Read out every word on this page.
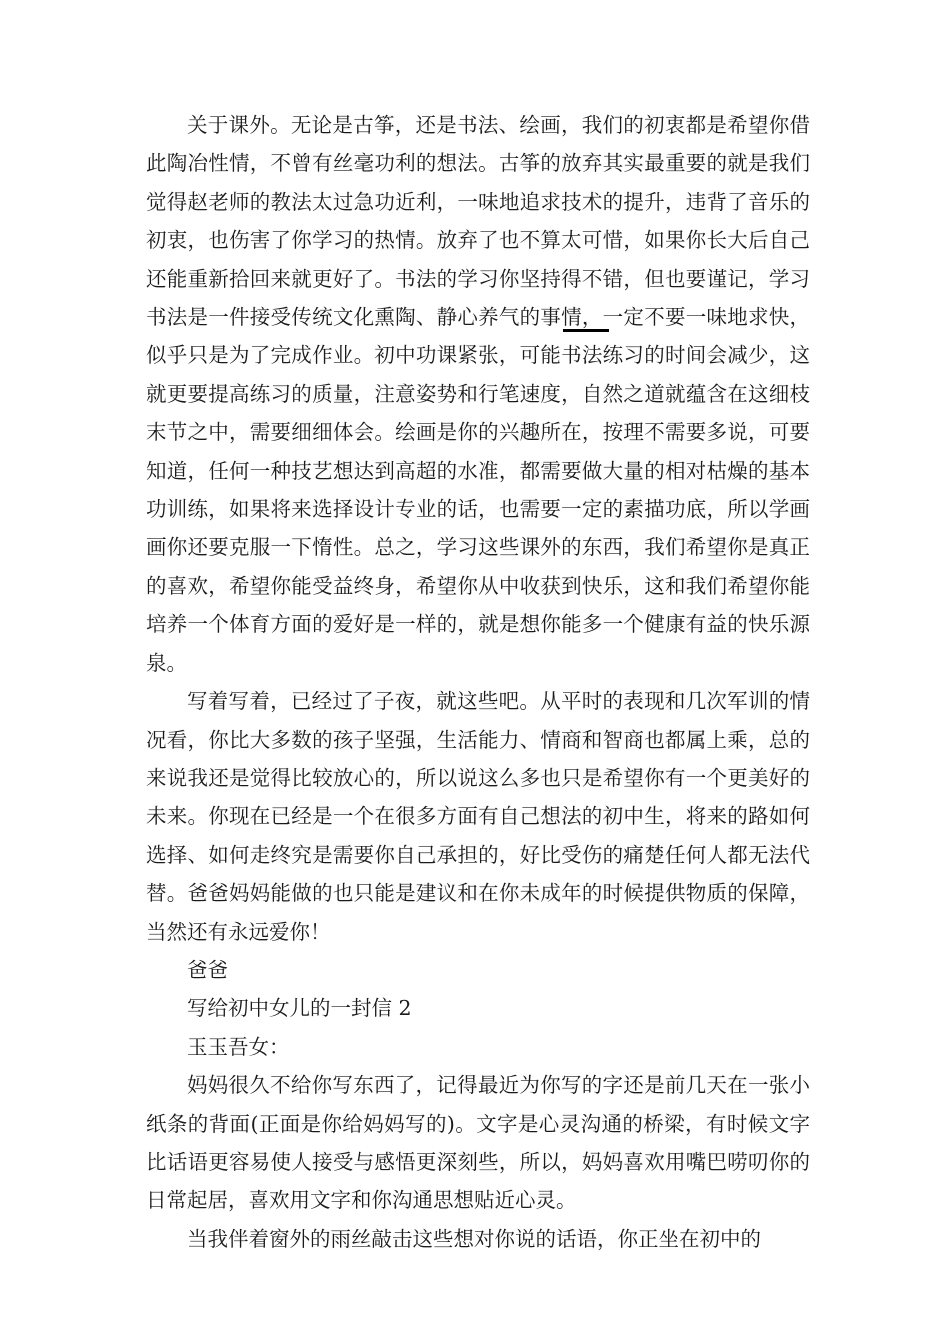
关于课外。无论是古筝，还是书法、绘画，我们的初衷都是希望你借此陶冶性情，不曾有丝毫功利的想法。古筝的放弃其实最重要的就是我们觉得赵老师的教法太过急功近利，一味地追求技术的提升，违背了音乐的初衷，也伤害了你学习的热情。放弃了也不算太可惜，如果你长大后自己还能重新拾回来就更好了。书法的学习你坚持得不错，但也要谨记，学习书法是一件接受传统文化熏陶、静心养气的事情，一定不要一味地求快，似乎只是为了完成作业。初中功课紧张，可能书法练习的时间会减少，这就更要提高练习的质量，注意姿势和行笔速度，自然之道就蕴含在这细枝末节之中，需要细细体会。绘画是你的兴趣所在，按理不需要多说，可要知道，任何一种技艺想达到高超的水准，都需要做大量的相对枯燥的基本功训练，如果将来选择设计专业的话，也需要一定的素描功底，所以学画画你还要克服一下惰性。总之，学习这些课外的东西，我们希望你是真正的喜欢，希望你能受益终身，希望你从中收获到快乐，这和我们希望你能培养一个体育方面的爱好是一样的，就是想你能多一个健康有益的快乐源泉。

写着写着，已经过了子夜，就这些吧。从平时的表现和几次军训的情况看，你比大多数的孩子坚强，生活能力、情商和智商也都属上乘，总的来说我还是觉得比较放心的，所以说这么多也只是希望你有一个更美好的未来。你现在已经是一个在很多方面有自己想法的初中生，将来的路如何选择、如何走终究是需要你自己承担的，好比受伤的痛楚任何人都无法代替。爸爸妈妈能做的也只能是建议和在你未成年的时候提供物质的保障，当然还有永远爱你！

爸爸

写给初中女儿的一封信 2

玉玉吾女：

妈妈很久不给你写东西了，记得最近为你写的字还是前几天在一张小纸条的背面(正面是你给妈妈写的)。文字是心灵沟通的桥梁，有时候文字比话语更容易使人接受与感悟更深刻些，所以，妈妈喜欢用嘴巴唠叨你的日常起居，喜欢用文字和你沟通思想贴近心灵。

当我伴着窗外的雨丝敲击这些想对你说的话语，你正坐在初中的
